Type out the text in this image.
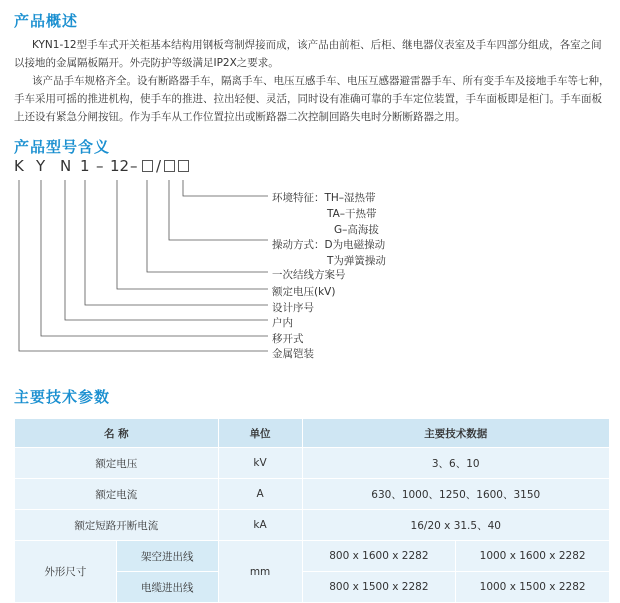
产品概述
KYN1-12型手车式开关柜基本结构用钢板弯制焊接而成，该产品由前柜、后柜、继电器仪表室及手车四部分组成，各室之间以接地的金属隔板隔开。外壳防护等级满足IP2X之要求。
该产品手车规格齐全。设有断路器手车，隔离手车、电压互感手车、电压互感器避雷器手车、所有变手车及接地手车等七种，手车采用可摇的推进机构，使手车的推进、拉出轻便、灵活，同时设有准确可靠的手车定位装置，手车面板即是柜门。手车面板上还设有紧急分闸按钮。作为手车从工作位置拉出或断路器二次控制回路失电时分断断路器之用。
产品型号含义
K Y N 1 – 12 – /
环境特征：TH–湿热带
TA–干热带
G–高海拔
操动方式：D为电磁操动
T为弹簧操动
一次结线方案号
额定电压(kV)
设计序号
户内
移开式
金属铠装
主要技术参数
名 称		单位	主要技术数据	
额定电压		kV	3、6、10	
额定电流		A	630、1000、1250、1600、3150	
额定短路开断电流		kA	16/20 x 31.5、40	
外形尺寸	架空进出线	mm	800 x 1600 x 2282	1000 x 1600 x 2282
	电缆进出线		800 x 1500 x 2282	1000 x 1500 x 2282
